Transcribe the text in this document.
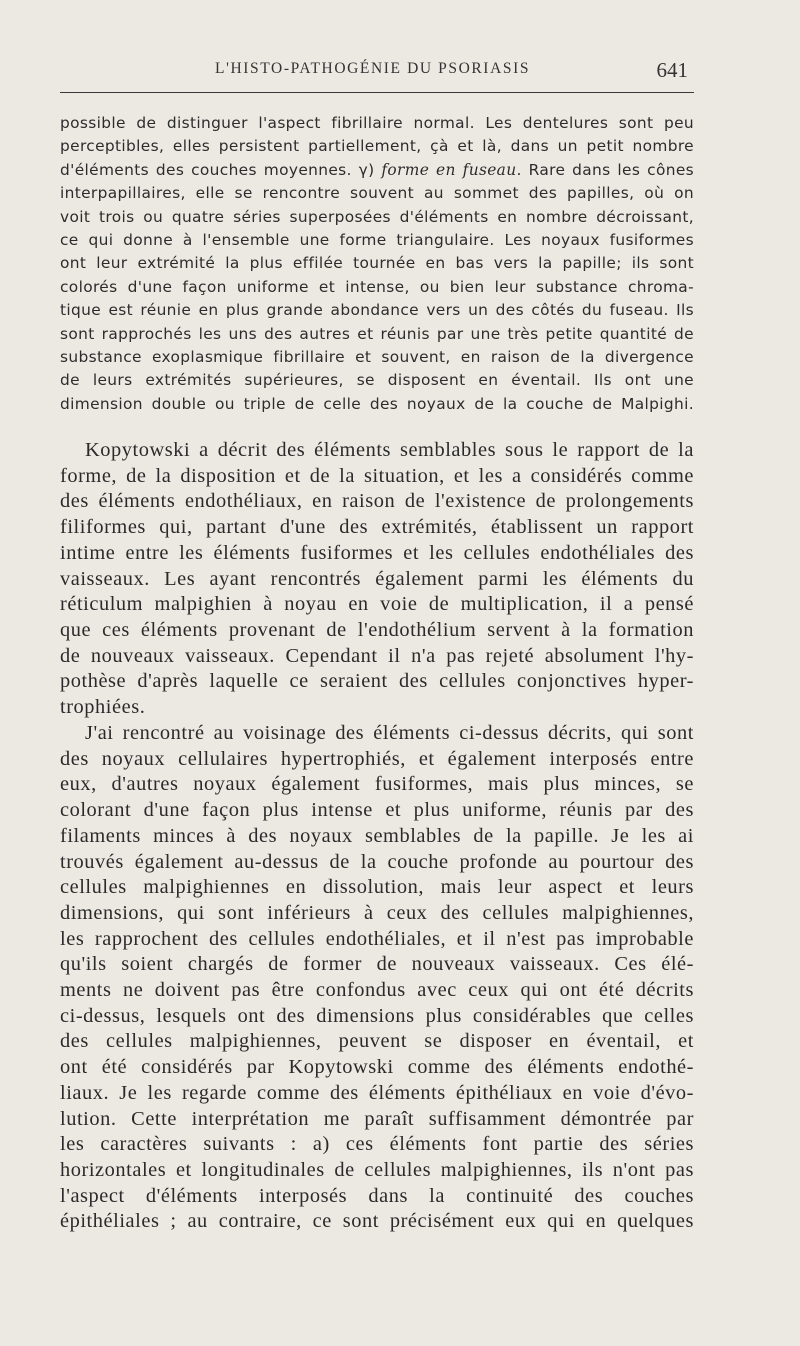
L'HISTO-PATHOGÉNIE DU PSORIASIS	641
possible de distinguer l'aspect fibrillaire normal. Les dentelures sont peu
perceptibles, elles persistent partiellement, çà et là, dans un petit nombre
d'éléments des couches moyennes. γ) forme en fuseau. Rare dans les cônes
interpapillaires, elle se rencontre souvent au sommet des papilles, où on
voit trois ou quatre séries superposées d'éléments en nombre décroissant,
ce qui donne à l'ensemble une forme triangulaire. Les noyaux fusiformes
ont leur extrémité la plus effilée tournée en bas vers la papille; ils sont
colorés d'une façon uniforme et intense, ou bien leur substance chroma-
tique est réunie en plus grande abondance vers un des côtés du fuseau. Ils
sont rapprochés les uns des autres et réunis par une très petite quantité de
substance exoplasmique fibrillaire et souvent, en raison de la divergence
de leurs extrémités supérieures, se disposent en éventail. Ils ont une
dimension double ou triple de celle des noyaux de la couche de Malpighi.
Kopytowski a décrit des éléments semblables sous le rapport de la
forme, de la disposition et de la situation, et les a considérés comme
des éléments endothéliaux, en raison de l'existence de prolongements
filiformes qui, partant d'une des extrémités, établissent un rapport
intime entre les éléments fusiformes et les cellules endothéliales des
vaisseaux. Les ayant rencontrés également parmi les éléments du
réticulum malpighien à noyau en voie de multiplication, il a pensé
que ces éléments provenant de l'endothélium servent à la formation
de nouveaux vaisseaux. Cependant il n'a pas rejeté absolument l'hy-
pothèse d'après laquelle ce seraient des cellules conjonctives hyper-
trophiées.
J'ai rencontré au voisinage des éléments ci-dessus décrits, qui sont
des noyaux cellulaires hypertrophiés, et également interposés entre
eux, d'autres noyaux également fusiformes, mais plus minces, se
colorant d'une façon plus intense et plus uniforme, réunis par des
filaments minces à des noyaux semblables de la papille. Je les ai
trouvés également au-dessus de la couche profonde au pourtour des
cellules malpighiennes en dissolution, mais leur aspect et leurs
dimensions, qui sont inférieurs à ceux des cellules malpighiennes,
les rapprochent des cellules endothéliales, et il n'est pas improbable
qu'ils soient chargés de former de nouveaux vaisseaux. Ces élé-
ments ne doivent pas être confondus avec ceux qui ont été décrits
ci-dessus, lesquels ont des dimensions plus considérables que celles
des cellules malpighiennes, peuvent se disposer en éventail, et
ont été considérés par Kopytowski comme des éléments endothé-
liaux. Je les regarde comme des éléments épithéliaux en voie d'évo-
lution. Cette interprétation me paraît suffisamment démontrée par
les caractères suivants : a) ces éléments font partie des séries
horizontales et longitudinales de cellules malpighiennes, ils n'ont pas
l'aspect d'éléments interposés dans la continuité des couches
épithéliales ; au contraire, ce sont précisément eux qui en quelques
